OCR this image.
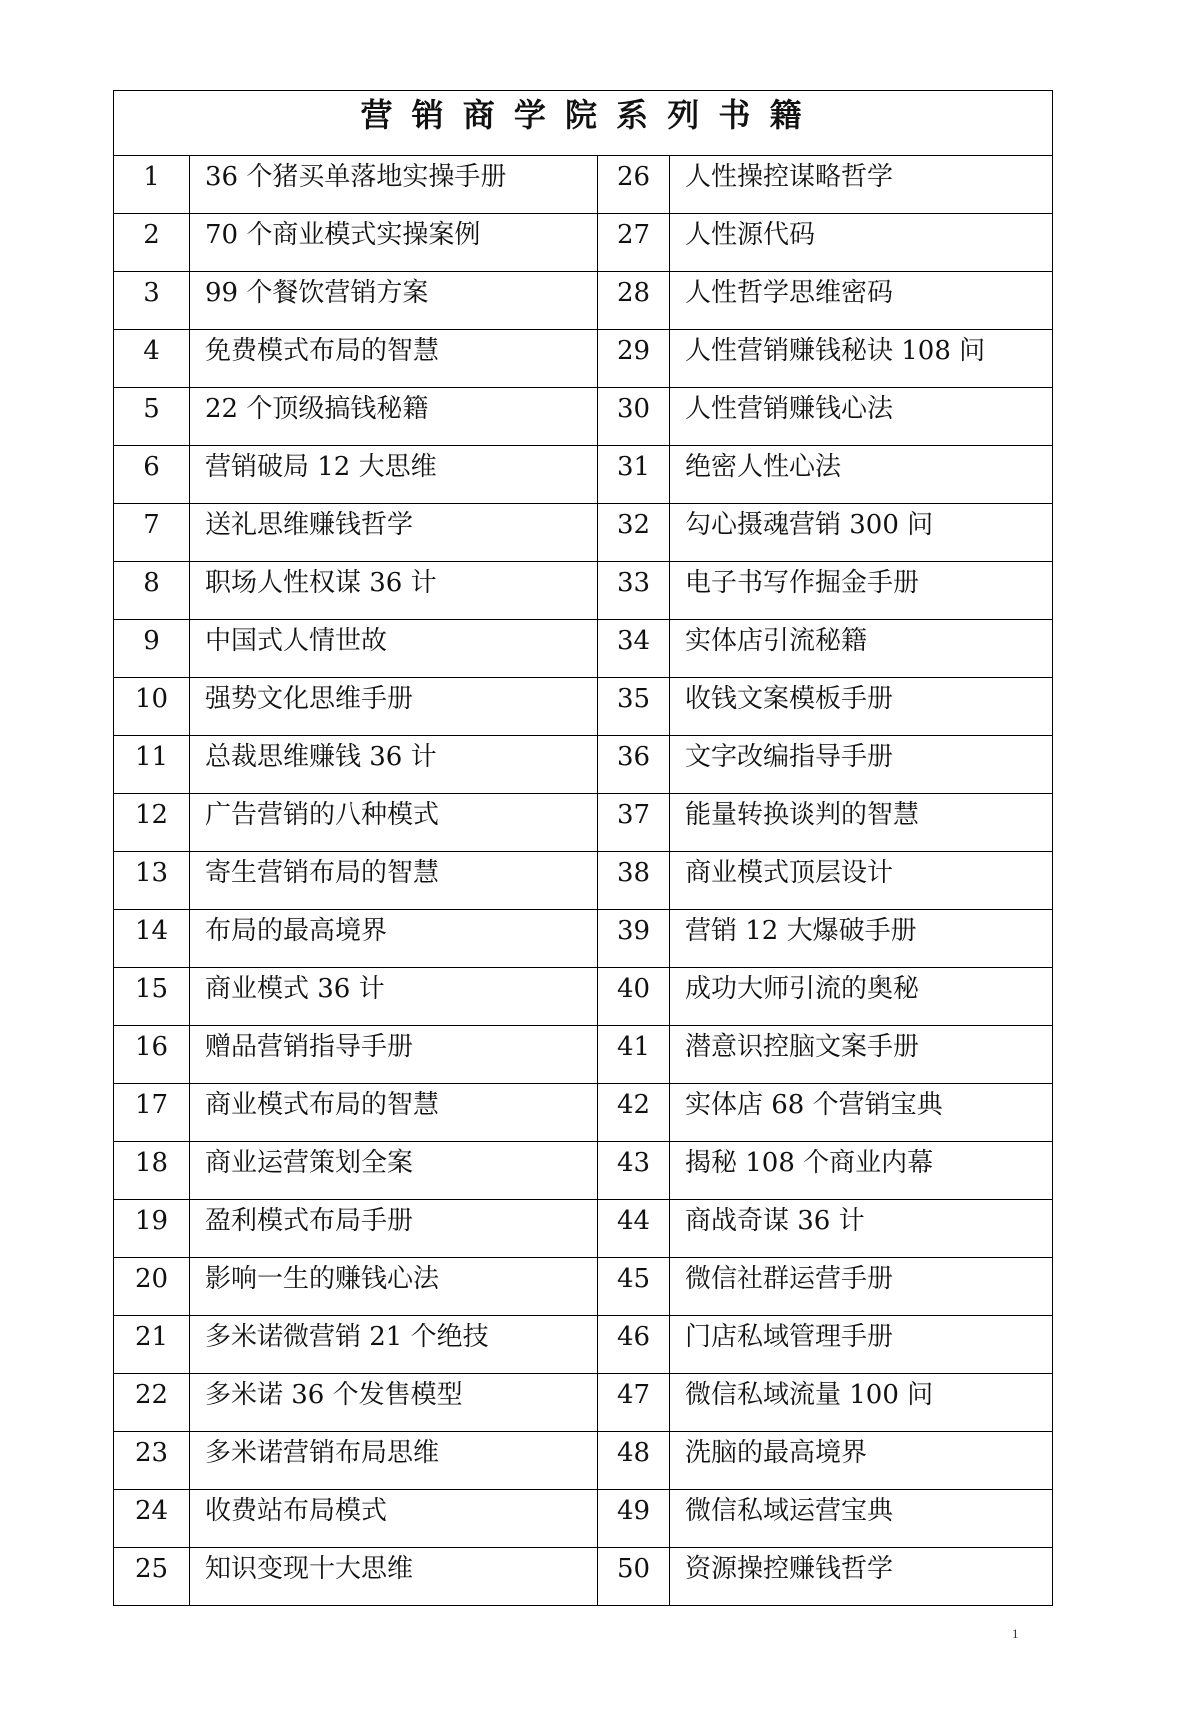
营 销 商 学 院 系 列 书 籍			
1	36 个猪买单落地实操手册	26	人性操控谋略哲学
2	70 个商业模式实操案例	27	人性源代码
3	99 个餐饮营销方案	28	人性哲学思维密码
4	免费模式布局的智慧	29	人性营销赚钱秘诀 108 问
5	22 个顶级搞钱秘籍	30	人性营销赚钱心法
6	营销破局 12 大思维	31	绝密人性心法
7	送礼思维赚钱哲学	32	勾心摄魂营销 300 问
8	职场人性权谋 36 计	33	电子书写作掘金手册
9	中国式人情世故	34	实体店引流秘籍
10	强势文化思维手册	35	收钱文案模板手册
11	总裁思维赚钱 36 计	36	文字改编指导手册
12	广告营销的八种模式	37	能量转换谈判的智慧
13	寄生营销布局的智慧	38	商业模式顶层设计
14	布局的最高境界	39	营销 12 大爆破手册
15	商业模式 36 计	40	成功大师引流的奥秘
16	赠品营销指导手册	41	潜意识控脑文案手册
17	商业模式布局的智慧	42	实体店 68 个营销宝典
18	商业运营策划全案	43	揭秘 108 个商业内幕
19	盈利模式布局手册	44	商战奇谋 36 计
20	影响一生的赚钱心法	45	微信社群运营手册
21	多米诺微营销 21 个绝技	46	门店私域管理手册
22	多米诺 36 个发售模型	47	微信私域流量 100 问
23	多米诺营销布局思维	48	洗脑的最高境界
24	收费站布局模式	49	微信私域运营宝典
25	知识变现十大思维	50	资源操控赚钱哲学
1
